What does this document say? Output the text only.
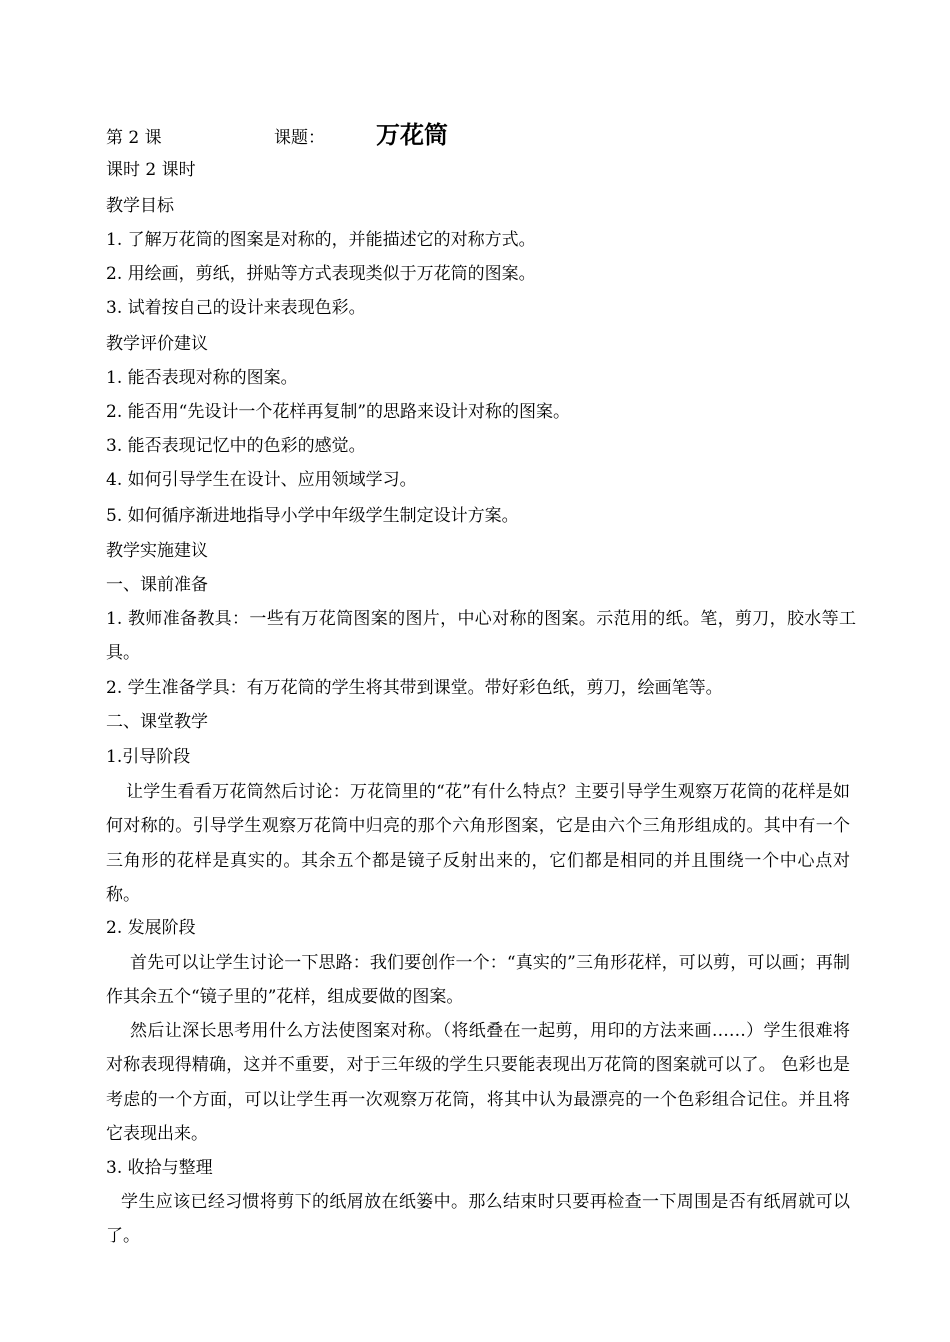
第 2 课	课题： 万花筒
课时 2 课时
教学目标
1. 了解万花筒的图案是对称的，并能描述它的对称方式。
2. 用绘画，剪纸，拼贴等方式表现类似于万花筒的图案。
3. 试着按自己的设计来表现色彩。
教学评价建议
1. 能否表现对称的图案。
2. 能否用“先设计一个花样再复制”的思路来设计对称的图案。
3. 能否表现记忆中的色彩的感觉。
4. 如何引导学生在设计、应用领域学习。
5. 如何循序渐进地指导小学中年级学生制定设计方案。
教学实施建议
一、课前准备
1. 教师准备教具：一些有万花筒图案的图片，中心对称的图案。示范用的纸。笔，剪刀，胶水等工具。
2. 学生准备学具：有万花筒的学生将其带到课堂。带好彩色纸，剪刀，绘画笔等。
二、课堂教学
1.引导阶段
让学生看看万花筒然后讨论：万花筒里的“花”有什么特点？主要引导学生观察万花筒的花样是如何对称的。引导学生观察万花筒中归亮的那个六角形图案，它是由六个三角形组成的。其中有一个三角形的花样是真实的。其余五个都是镜子反射出来的，它们都是相同的并且围绕一个中心点对称。
2. 发展阶段
首先可以让学生讨论一下思路：我们要创作一个：“真实的”三角形花样，可以剪，可以画；再制作其余五个“镜子里的”花样，组成要做的图案。
然后让深长思考用什么方法使图案对称。（将纸叠在一起剪，用印的方法来画……）学生很难将对称表现得精确，这并不重要，对于三年级的学生只要能表现出万花筒的图案就可以了。 色彩也是考虑的一个方面，可以让学生再一次观察万花筒，将其中认为最漂亮的一个色彩组合记住。并且将它表现出来。
3. 收拾与整理
学生应该已经习惯将剪下的纸屑放在纸篓中。那么结束时只要再检查一下周围是否有纸屑就可以了。
